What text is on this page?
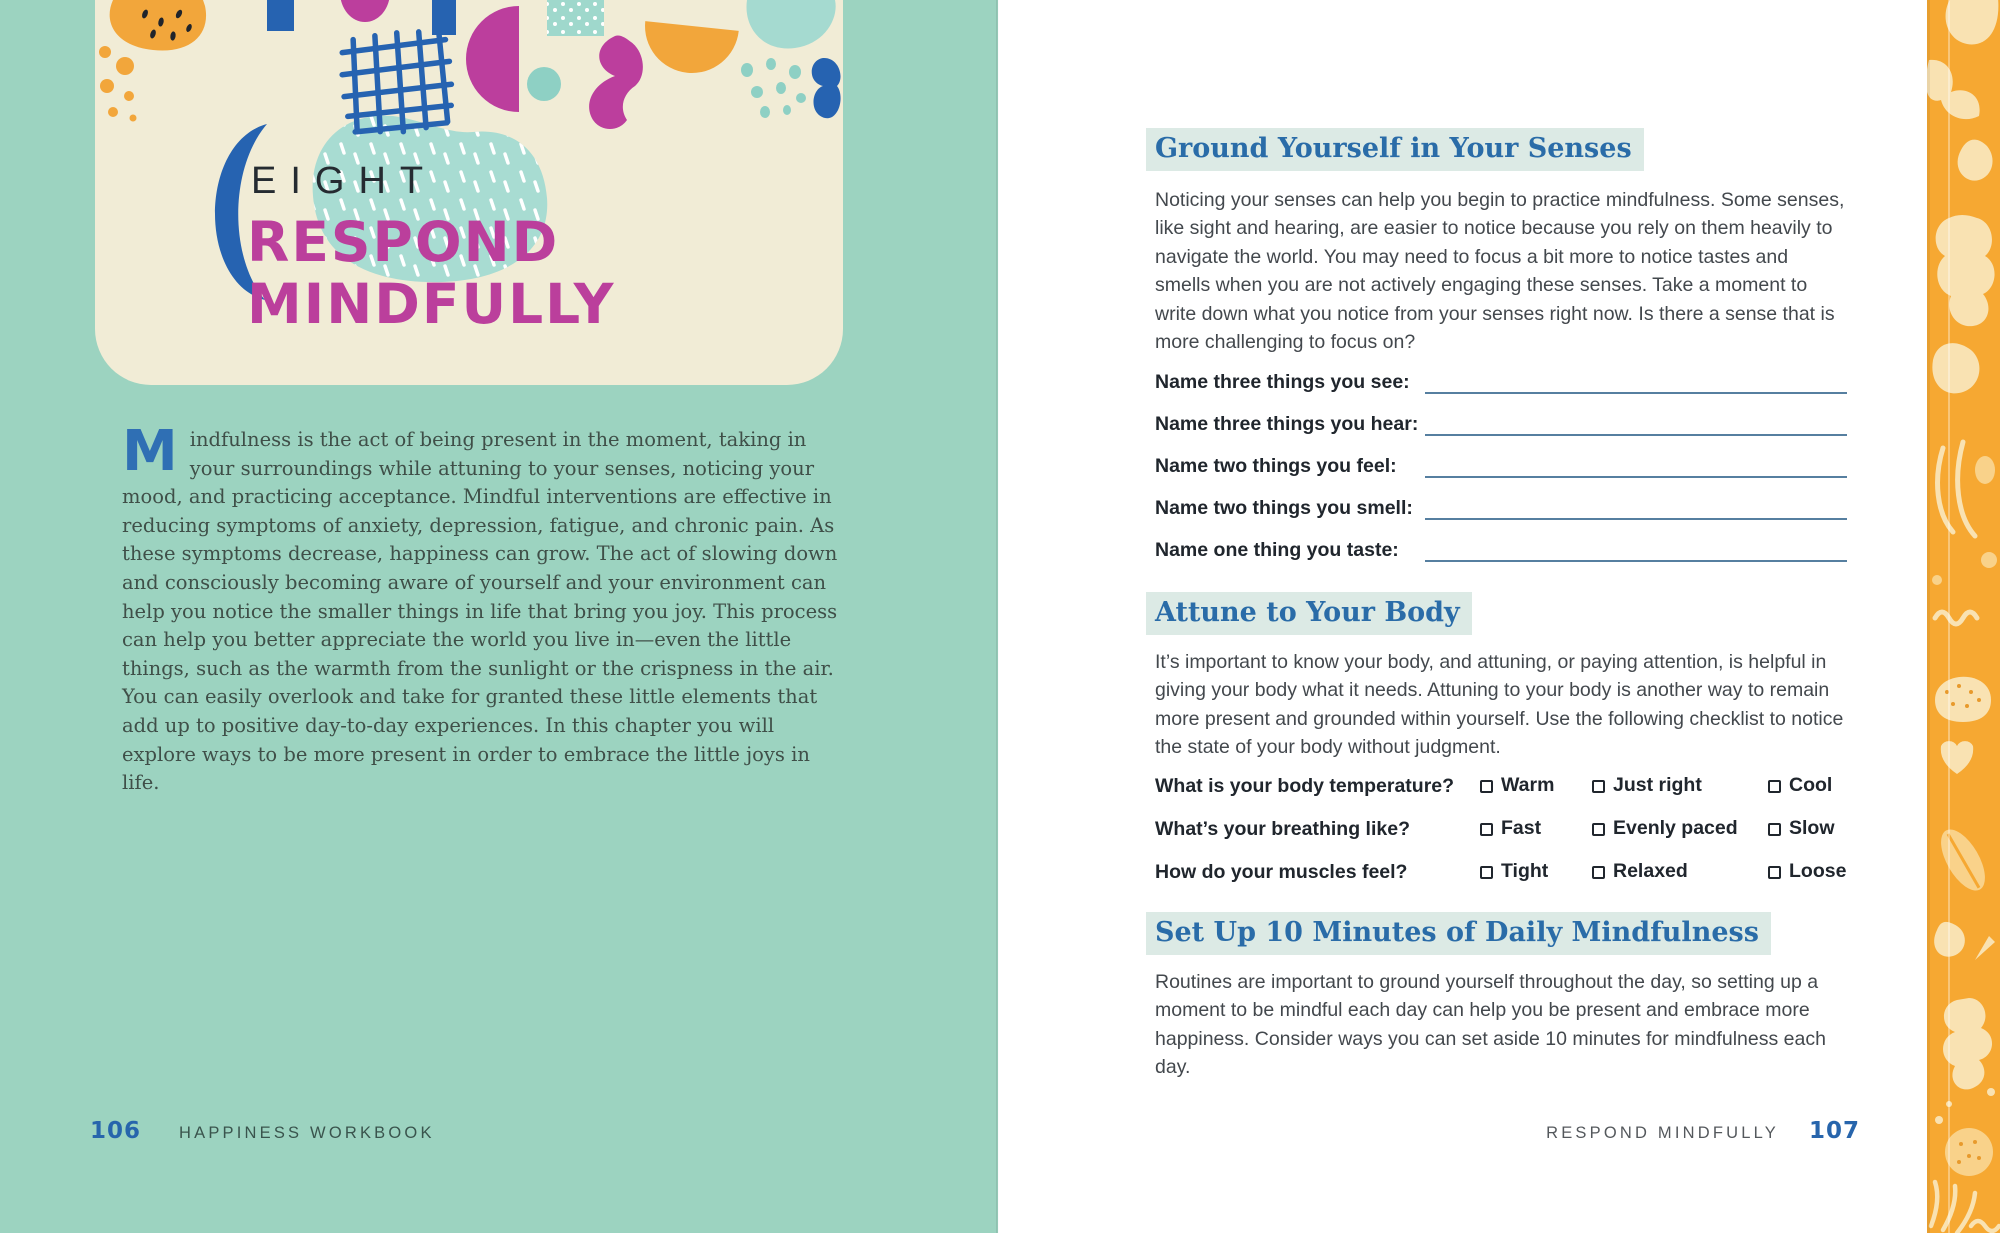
EIGHT
RESPOND
MINDFULLY

Mindfulness is the act of being present in the moment, taking in your surroundings while attuning to your senses, noticing your mood, and practicing acceptance. Mindful interventions are effective in reducing symptoms of anxiety, depression, fatigue, and chronic pain. As these symptoms decrease, happiness can grow. The act of slowing down and consciously becoming aware of yourself and your environment can help you notice the smaller things in life that bring you joy. This process can help you better appreciate the world you live in—even the little things, such as the warmth from the sunlight or the crispness in the air. You can easily overlook and take for granted these little elements that add up to positive day-to-day experiences. In this chapter you will explore ways to be more present in order to embrace the little joys in life.

106 HAPPINESS WORKBOOK
Ground Yourself in Your Senses

Noticing your senses can help you begin to practice mindfulness. Some senses, like sight and hearing, are easier to notice because you rely on them heavily to navigate the world. You may need to focus a bit more to notice tastes and smells when you are not actively engaging these senses. Take a moment to write down what you notice from your senses right now. Is there a sense that is more challenging to focus on?

Name three things you see:
Name three things you hear:
Name two things you feel:
Name two things you smell:
Name one thing you taste:
Attune to Your Body

It’s important to know your body, and attuning, or paying attention, is helpful in giving your body what it needs. Attuning to your body is another way to remain more present and grounded within yourself. Use the following checklist to notice the state of your body without judgment.

What is your body temperature?	Warm	Just right	Cool
What’s your breathing like?	Fast	Evenly paced	Slow
How do your muscles feel?	Tight	Relaxed	Loose
Set Up 10 Minutes of Daily Mindfulness

Routines are important to ground yourself throughout the day, so setting up a moment to be mindful each day can help you be present and embrace more happiness. Consider ways you can set aside 10 minutes for mindfulness each day.

RESPOND MINDFULLY 107
